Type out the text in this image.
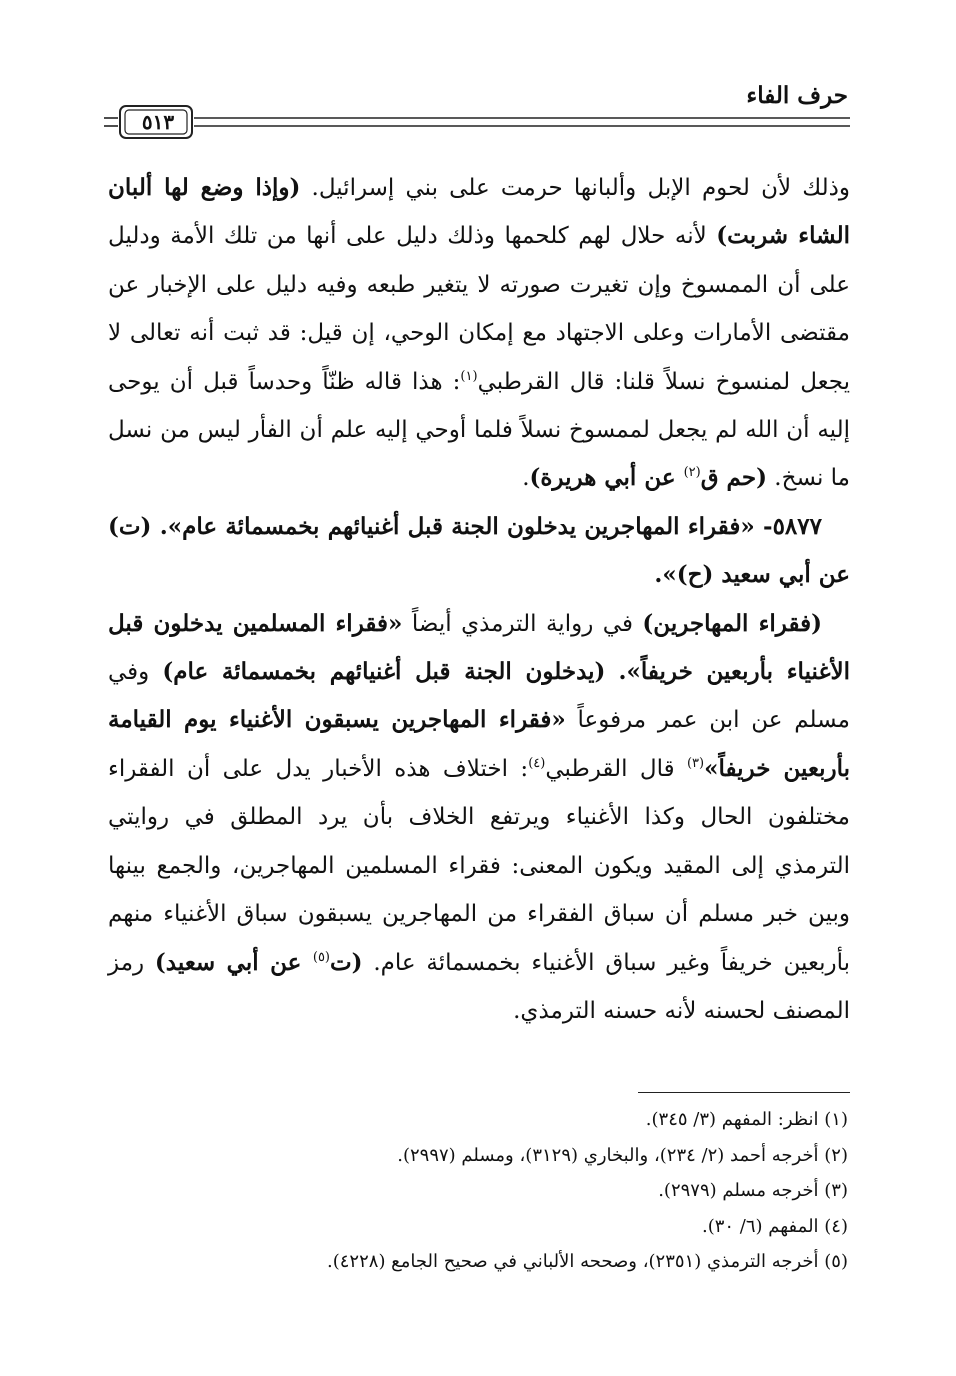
حرف الفاء
٥١٣

وذلك لأن لحوم الإبل وألبانها حرمت على بني إسرائيل. (وإذا وضع لها ألبان الشاء شربت) لأنه حلال لهم كلحمها وذلك دليل على أنها من تلك الأمة ودليل على أن الممسوخ وإن تغيرت صورته لا يتغير طبعه وفيه دليل على الإخبار عن مقتضى الأمارات وعلى الاجتهاد مع إمكان الوحي، إن قيل: قد ثبت أنه تعالى لا يجعل لمنسوخ نسلاً قلنا: قال القرطبي$^{(١)}$: هذا قاله ظنّاً وحدساً قبل أن يوحى إليه أن الله لم يجعل لممسوخ نسلاً فلما أوحي إليه علم أن الفأر ليس من نسل ما نسخ. (حم ق$^{(٢)}$ عن أبي هريرة).

٥٨٧٧- «فقراء المهاجرين يدخلون الجنة قبل أغنيائهم بخمسمائة عام». (ت) عن أبي سعيد (ح)».

(فقراء المهاجرين) في رواية الترمذي أيضاً «فقراء المسلمين يدخلون قبل الأغنياء بأربعين خريفاً». (يدخلون الجنة قبل أغنيائهم بخمسمائة عام) وفي مسلم عن ابن عمر مرفوعاً «فقراء المهاجرين يسبقون الأغنياء يوم القيامة بأربعين خريفاً»$^{(٣)}$ قال القرطبي$^{(٤)}$: اختلاف هذه الأخبار يدل على أن الفقراء مختلفون الحال وكذا الأغنياء ويرتفع الخلاف بأن يرد المطلق في روايتي الترمذي إلى المقيد ويكون المعنى: فقراء المسلمين المهاجرين، والجمع بينها وبين خبر مسلم أن سباق الفقراء من المهاجرين يسبقون سباق الأغنياء منهم بأربعين خريفاً وغير سباق الأغنياء بخمسمائة عام. (ت$^{(٥)}$ عن أبي سعيد) رمز المصنف لحسنه لأنه حسنه الترمذي.

(١) انظر: المفهم (٣/ ٣٤٥).
(٢) أخرجه أحمد (٢/ ٢٣٤)، والبخاري (٣١٢٩)، ومسلم (٢٩٩٧).
(٣) أخرجه مسلم (٢٩٧٩).
(٤) المفهم (٦/ ٣٠).
(٥) أخرجه الترمذي (٢٣٥١)، وصححه الألباني في صحيح الجامع (٤٢٢٨).
